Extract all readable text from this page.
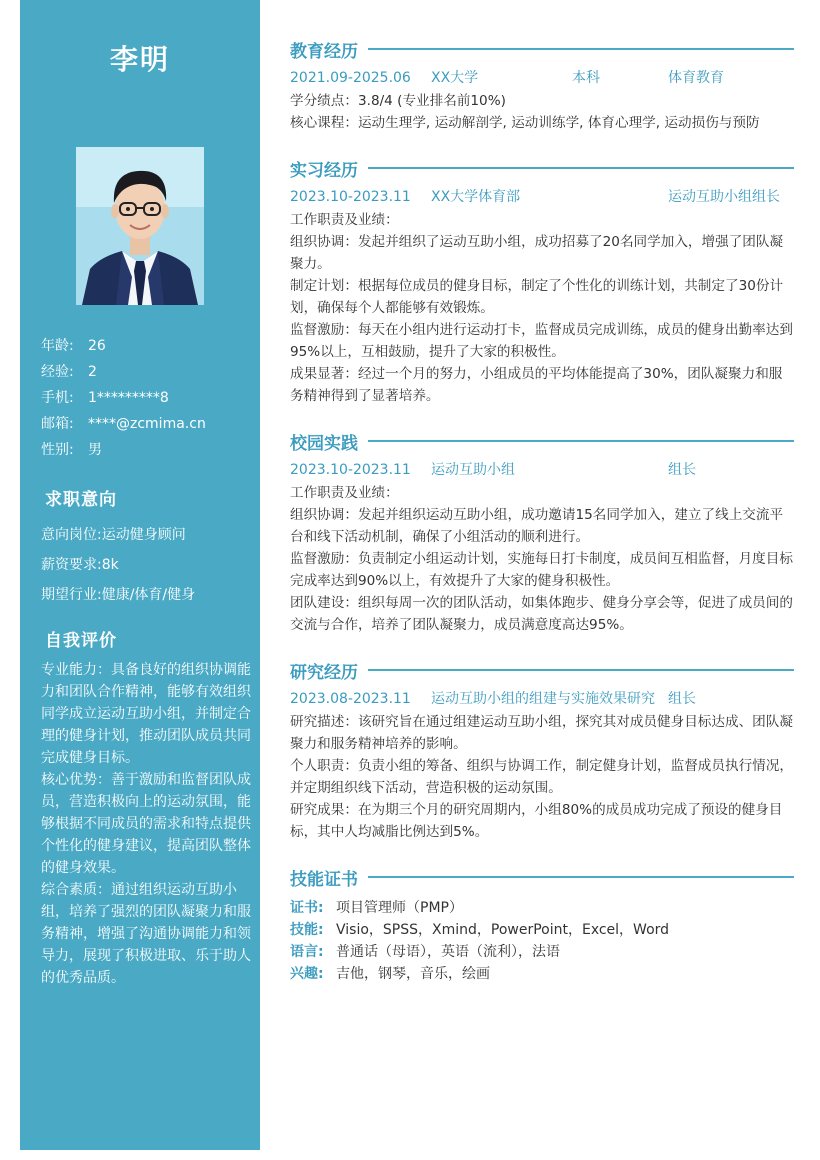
李明
年龄: 26
经验: 2
手机: 1*********8
邮箱: ****@zcmima.cn
性别: 男
求职意向
意向岗位:运动健身顾问
薪资要求:8k
期望行业:健康/体育/健身
自我评价

专业能力：具备良好的组织协调能力和团队合作精神，能够有效组织同学成立运动互助小组，并制定合理的健身计划，推动团队成员共同完成健身目标。

核心优势：善于激励和监督团队成员，营造积极向上的运动氛围，能够根据不同成员的需求和特点提供个性化的健身建议，提高团队整体的健身效果。

综合素质：通过组织运动互助小组，培养了强烈的团队凝聚力和服务精神，增强了沟通协调能力和领导力，展现了积极进取、乐于助人的优秀品质。

教育经历
2021.09-2025.06 XX大学	本科	体育教育

学分绩点：3.8/4 (专业排名前10%)

核心课程：运动生理学, 运动解剖学, 运动训练学, 体育心理学, 运动损伤与预防

实习经历
2023.10-2023.11 XX大学体育部	运动互助小组组长

工作职责及业绩：

组织协调：发起并组织了运动互助小组，成功招募了20名同学加入，增强了团队凝聚力。

制定计划：根据每位成员的健身目标，制定了个性化的训练计划，共制定了30份计划，确保每个人都能够有效锻炼。

监督激励：每天在小组内进行运动打卡，监督成员完成训练，成员的健身出勤率达到95%以上，互相鼓励，提升了大家的积极性。

成果显著：经过一个月的努力，小组成员的平均体能提高了30%，团队凝聚力和服务精神得到了显著培养。

校园实践
2023.10-2023.11 运动互助小组	组长

工作职责及业绩：

组织协调：发起并组织运动互助小组，成功邀请15名同学加入，建立了线上交流平台和线下活动机制，确保了小组活动的顺利进行。

监督激励：负责制定小组运动计划，实施每日打卡制度，成员间互相监督，月度目标完成率达到90%以上，有效提升了大家的健身积极性。

团队建设：组织每周一次的团队活动，如集体跑步、健身分享会等，促进了成员间的交流与合作，培养了团队凝聚力，成员满意度高达95%。

研究经历
2023.08-2023.11 运动互助小组的组建与实施效果研究 组长

研究描述：该研究旨在通过组建运动互助小组，探究其对成员健身目标达成、团队凝聚力和服务精神培养的影响。

个人职责：负责小组的筹备、组织与协调工作，制定健身计划，监督成员执行情况，并定期组织线下活动，营造积极的运动氛围。

研究成果：在为期三个月的研究周期内，小组80%的成员成功完成了预设的健身目标，其中人均减脂比例达到5%。

技能证书
证书: 项目管理师（PMP）
技能: Visio，SPSS，Xmind，PowerPoint，Excel，Word
语言: 普通话（母语），英语（流利），法语
兴趣: 吉他，钢琴，音乐，绘画
